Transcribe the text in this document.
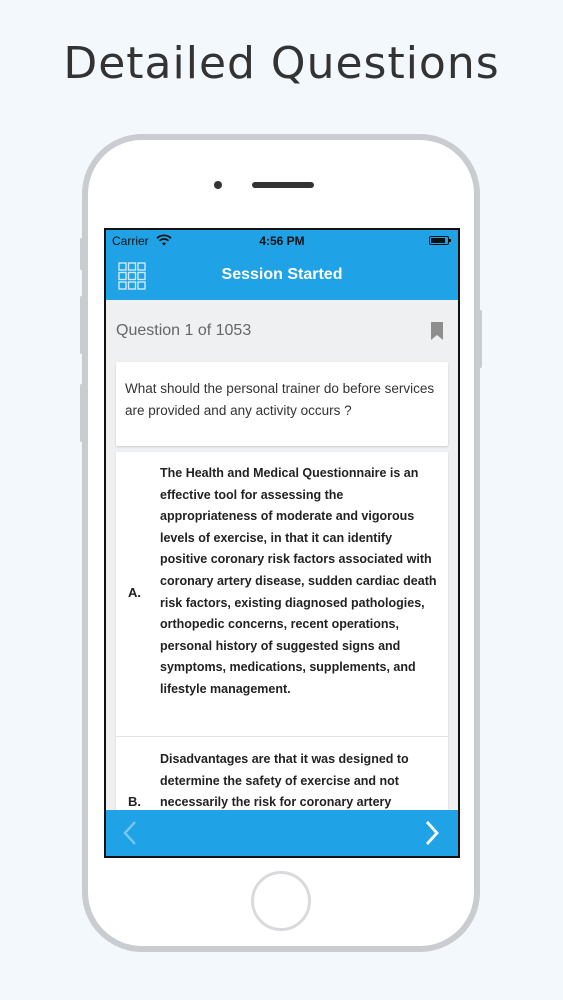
Detailed Questions
Carrier	4:56 PM
Session Started
Question 1 of 1053
What should the personal trainer do before services are provided and any activity occurs ?
A.
The Health and Medical Questionnaire is an effective tool for assessing the appropriateness of moderate and vigorous levels of exercise, in that it can identify positive coronary risk factors associated with coronary artery disease, sudden cardiac death risk factors, existing diagnosed pathologies, orthopedic concerns, recent operations, personal history of suggested signs and symptoms, medications, supplements, and lifestyle management.
B.
Disadvantages are that it was designed to determine the safety of exercise and not necessarily the risk for coronary artery
